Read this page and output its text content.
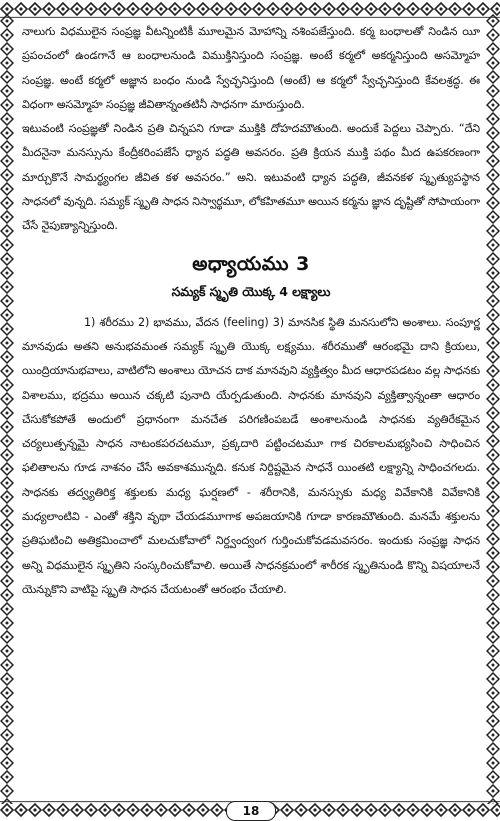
నాలుగు విధములైన సంప్రజ్ఞ వీటన్నింటికీ మూలమైన మోహాన్ని నశింపజేస్తుంది. కర్మ బంధాలతో నిండిన యీ ప్రపంచంలో ఉండగానే ఆ బంధాలనుండి విముక్తినిస్తుంది సంప్రజ్ఞ. అంటే కర్మలో అకర్మనిస్తుంది అసమ్మోహ సంప్రజ్ఞ. అంటే కర్మలో అజ్ఞాన బంధం నుండి స్వేచ్ఛనిస్తుంది (అంటే) ఆ కర్మలో స్వేచ్ఛనిస్తుంది కేవలశ్రద్ధ. ఈ విధంగా అసమ్మోహ సంప్రజ్ఞ జీవితాన్నంతటినీ సాధనగా మారుస్తుంది.

ఇటువంటి సంప్రజ్ఞతో నిండిన ప్రతి చిన్నపని గూడా ముక్తికి దోహదమౌతుంది. అందుకే పెద్దలు చెప్పారు. “దేని మీదనైనా మనస్సును కేంద్రీకరింపజేసే ధ్యాన పద్ధతి అవసరం. ప్రతి క్రియన ముక్తి పథం మీద ఉపకరణంగా మార్చుకొనే సామర్థ్యంగల జీవిత కళ అవసరం.” అని. ఇటువంటి ధ్యాన పద్ధతి, జీవనకళ స్మృత్యుపస్థాన సాధనలో వున్నది. సమ్యక్ స్మృతి సాధన నిస్వార్థమూ, లోకహితమూ అయిన కర్మను జ్ఞాన దృష్టితో సోపాయంగా చేసే నైపుణ్యాన్నిస్తుంది.

అధ్యాయము 3
సమ్యక్ స్మృతి యొక్క 4 లక్ష్యాలు

1) శరీరము 2) భావము, వేదన (feeling) 3) మానసిక స్థితి మనసులోని అంశాలు. సంపూర్ణ మానవుడు అతని అనుభవమంత సమ్యక్ స్మృతి యొక్క లక్ష్యము. శరీరముతో ఆరంభమై దాని క్రియలు, యింద్రియానుభవాలు, వాటిలోని అంశాలు యోచన దాక మానవుని వ్యక్తిత్వం మీద ఆధారపడటం వల్ల సాధనకు విశాలము, భద్రము అయిన చక్కటి పునాది యేర్పడుతుంది. సాధనకు మానవుని వ్యక్తిత్వాన్నంతా ఆధారం చేసుకోకపోతే అందులో ప్రధానంగా మనచేత పరిగణింపబడే అంశాలనుండి సాధనకు వ్యతిరేకమైన చర్యలుత్పన్నమై సాధన నాటంకపరచటమూ, ప్రక్కదారి పట్టించటమూ గాక చిరకాలమభ్యసించి సాధించిన ఫలితాలను గూడ నాశనం చేసే అవకాశమున్నది. కనుక నిర్దిష్టమైన సాధనే యింతటి లక్ష్యాన్ని సాధించగలదు. సాధనకు తద్వ్యతిరిక్త శక్తులకు మధ్య ఘర్షణలో - శరీరానికి, మనస్సుకు మధ్య వివేకానికి వివేకానికి మధ్యలాంటివి - ఎంతో శక్తిని వృథా చేయడమూగాక అపజయానికి గూడా కారణమౌతుంది. మనమే శక్తులను ప్రతిఘటించి అతిక్రమించాలో మలచుకోవాలో నిర్ద్వంద్వంగ గుర్తించుకోవడమవసరం. ఇందుకు సంప్రజ్ఞ సాధన అన్ని విధములైన స్మృతిని సంస్కరించుకోవాలి. అయితే సాధనక్రమంలో శారీరక స్మృతినుండి కొన్ని విషయాలనే యెన్నుకొని వాటిపై స్మృతి సాధన చేయటంతో ఆరంభం చేయాలి.

18
